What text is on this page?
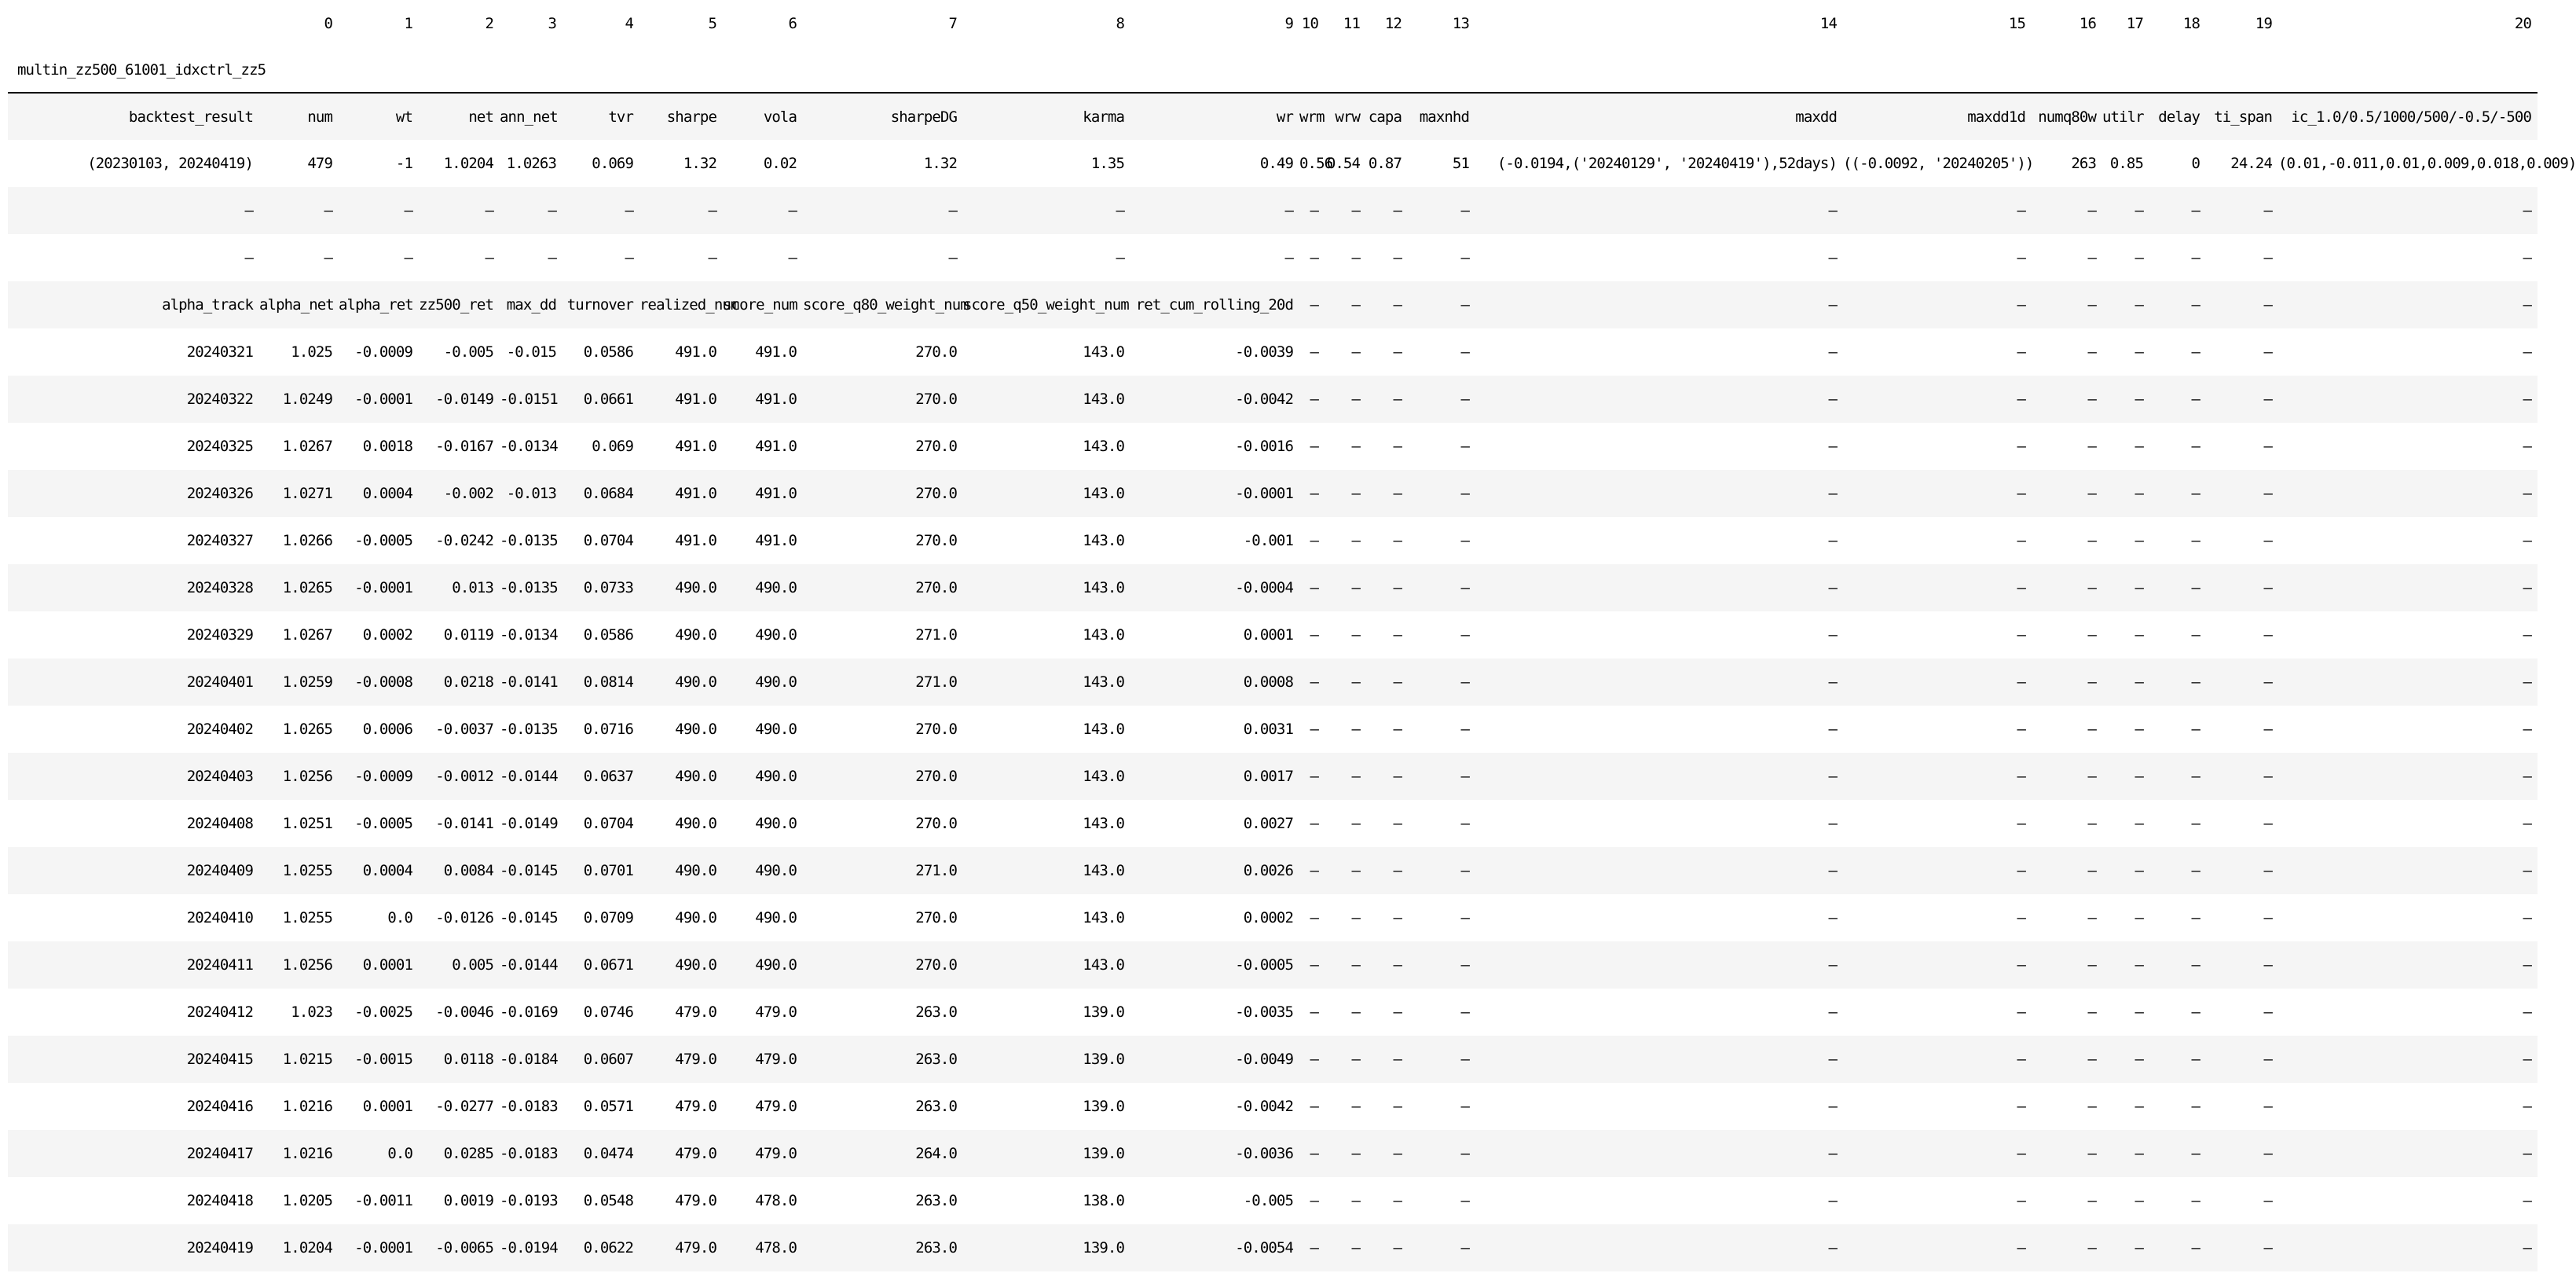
	0	1	2	3	4	5	6	7	8	9	10	11	12	13	14	15	16	17	18	19	20
multin_zz500_61001_idxctrl_zz5																					
backtest_result	num	wt	net	ann_net	tvr	sharpe	vola	sharpeDG	karma	wr	wrm	wrw	capa	maxnhd	maxdd	maxdd1d	numq80w	utilr	delay	ti_span	ic_1.0/0.5/1000/500/-0.5/-500
(20230103, 20240419)	479	-1	1.0204	1.0263	0.069	1.32	0.02	1.32	1.35	0.49	0.56	0.54	0.87	51	(-0.0194,('20240129', '20240419'),52days)	((-0.0092, '20240205'))	263	0.85	0	24.24	(0.01,-0.011,0.01,0.009,0.018,0.009)
—	—	—	—	—	—	—	—	—	—	—	—	—	—	—	—	—	—	—	—	—	—
—	—	—	—	—	—	—	—	—	—	—	—	—	—	—	—	—	—	—	—	—	—
alpha_track	alpha_net	alpha_ret	zz500_ret	max_dd	turnover	realized_num	score_num	score_q80_weight_num	score_q50_weight_num	ret_cum_rolling_20d	—	—	—	—	—	—	—	—	—	—	—
20240321	1.025	-0.0009	-0.005	-0.015	0.0586	491.0	491.0	270.0	143.0	-0.0039	—	—	—	—	—	—	—	—	—	—	—
20240322	1.0249	-0.0001	-0.0149	-0.0151	0.0661	491.0	491.0	270.0	143.0	-0.0042	—	—	—	—	—	—	—	—	—	—	—
20240325	1.0267	0.0018	-0.0167	-0.0134	0.069	491.0	491.0	270.0	143.0	-0.0016	—	—	—	—	—	—	—	—	—	—	—
20240326	1.0271	0.0004	-0.002	-0.013	0.0684	491.0	491.0	270.0	143.0	-0.0001	—	—	—	—	—	—	—	—	—	—	—
20240327	1.0266	-0.0005	-0.0242	-0.0135	0.0704	491.0	491.0	270.0	143.0	-0.001	—	—	—	—	—	—	—	—	—	—	—
20240328	1.0265	-0.0001	0.013	-0.0135	0.0733	490.0	490.0	270.0	143.0	-0.0004	—	—	—	—	—	—	—	—	—	—	—
20240329	1.0267	0.0002	0.0119	-0.0134	0.0586	490.0	490.0	271.0	143.0	0.0001	—	—	—	—	—	—	—	—	—	—	—
20240401	1.0259	-0.0008	0.0218	-0.0141	0.0814	490.0	490.0	271.0	143.0	0.0008	—	—	—	—	—	—	—	—	—	—	—
20240402	1.0265	0.0006	-0.0037	-0.0135	0.0716	490.0	490.0	270.0	143.0	0.0031	—	—	—	—	—	—	—	—	—	—	—
20240403	1.0256	-0.0009	-0.0012	-0.0144	0.0637	490.0	490.0	270.0	143.0	0.0017	—	—	—	—	—	—	—	—	—	—	—
20240408	1.0251	-0.0005	-0.0141	-0.0149	0.0704	490.0	490.0	270.0	143.0	0.0027	—	—	—	—	—	—	—	—	—	—	—
20240409	1.0255	0.0004	0.0084	-0.0145	0.0701	490.0	490.0	271.0	143.0	0.0026	—	—	—	—	—	—	—	—	—	—	—
20240410	1.0255	0.0	-0.0126	-0.0145	0.0709	490.0	490.0	270.0	143.0	0.0002	—	—	—	—	—	—	—	—	—	—	—
20240411	1.0256	0.0001	0.005	-0.0144	0.0671	490.0	490.0	270.0	143.0	-0.0005	—	—	—	—	—	—	—	—	—	—	—
20240412	1.023	-0.0025	-0.0046	-0.0169	0.0746	479.0	479.0	263.0	139.0	-0.0035	—	—	—	—	—	—	—	—	—	—	—
20240415	1.0215	-0.0015	0.0118	-0.0184	0.0607	479.0	479.0	263.0	139.0	-0.0049	—	—	—	—	—	—	—	—	—	—	—
20240416	1.0216	0.0001	-0.0277	-0.0183	0.0571	479.0	479.0	263.0	139.0	-0.0042	—	—	—	—	—	—	—	—	—	—	—
20240417	1.0216	0.0	0.0285	-0.0183	0.0474	479.0	479.0	264.0	139.0	-0.0036	—	—	—	—	—	—	—	—	—	—	—
20240418	1.0205	-0.0011	0.0019	-0.0193	0.0548	479.0	478.0	263.0	138.0	-0.005	—	—	—	—	—	—	—	—	—	—	—
20240419	1.0204	-0.0001	-0.0065	-0.0194	0.0622	479.0	478.0	263.0	139.0	-0.0054	—	—	—	—	—	—	—	—	—	—	—
